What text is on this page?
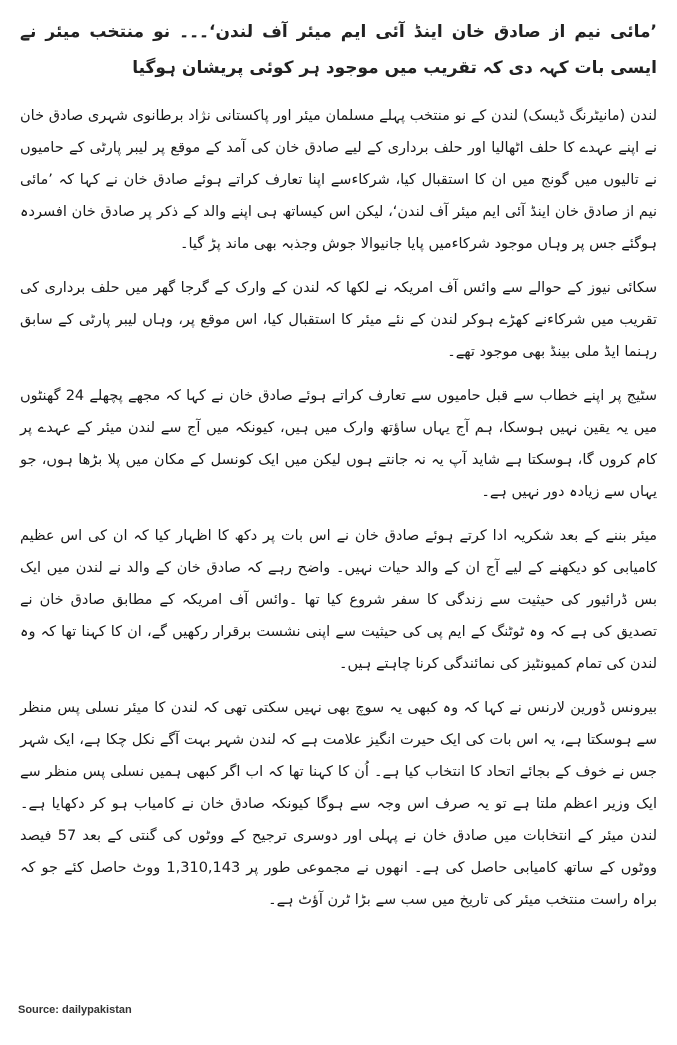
’مائی نیم از صادق خان اینڈ آئی ایم میئر آف لندن‘۔۔۔ نو منتخب میئر نے ایسی بات کہہ دی کہ تقریب میں موجود ہر کوئی پریشان ہوگیا

لندن (مانیٹرنگ ڈیسک) لندن کے نو منتخب پہلے مسلمان میئر اور پاکستانی نژاد برطانوی شہری صادق خان نے اپنے عہدے کا حلف اٹھالیا اور حلف برداری کے لیے صادق خان کی آمد کے موقع پر لیبر پارٹی کے حامیوں نے تالیوں میں گونج میں ان کا استقبال کیا، شرکاءسے اپنا تعارف کراتے ہوئے صادق خان نے کہا کہ ’مائی نیم از صادق خان اینڈ آئی ایم میئر آف لندن‘، لیکن اس کیساتھ ہی اپنے والد کے ذکر پر صادق خان افسردہ ہوگئے جس پر وہاں موجود شرکاءمیں پایا جانیوالا جوش وجذبہ بھی ماند پڑ گیا۔

سکائی نیوز کے حوالے سے وائس آف امریکہ نے لکھا کہ لندن کے وارک کے گرجا گھر میں حلف برداری کی تقریب میں شرکاءنے کھڑے ہوکر لندن کے نئے میئر کا استقبال کیا، اس موقع پر، وہاں لیبر پارٹی کے سابق رہنما ایڈ ملی بینڈ بھی موجود تھے۔

سٹیج پر اپنے خطاب سے قبل حامیوں سے تعارف کراتے ہوئے صادق خان نے کہا کہ مجھے پچھلے 24 گھنٹوں میں یہ یقین نہیں ہوسکا، ہم آج یہاں ساؤتھ وارک میں ہیں، کیونکہ میں آج سے لندن میئر کے عہدے پر کام کروں گا، ہوسکتا ہے شاید آپ یہ نہ جانتے ہوں لیکن میں ایک کونسل کے مکان میں پلا بڑھا ہوں، جو یہاں سے زیادہ دور نہیں ہے۔

میئر بننے کے بعد شکریہ ادا کرتے ہوئے صادق خان نے اس بات پر دکھ کا اظہار کیا کہ ان کی اس عظیم کامیابی کو دیکھنے کے لیے آج ان کے والد حیات نہیں۔ واضح رہے کہ صادق خان کے والد نے لندن میں ایک بس ڈرائیور کی حیثیت سے زندگی کا سفر شروع کیا تھا ۔وائس آف امریکہ کے مطابق صادق خان نے تصدیق کی ہے کہ وہ ٹوٹنگ کے ایم پی کی حیثیت سے اپنی نشست برقرار رکھیں گے، ان کا کہنا تھا کہ وہ لندن کی تمام کمیونٹیز کی نمائندگی کرنا چاہتے ہیں۔

بیرونس ڈورین لارنس نے کہا کہ وہ کبھی یہ سوچ بھی نہیں سکتی تھی کہ لندن کا میئر نسلی پس منظر سے ہوسکتا ہے، یہ اس بات کی ایک حیرت انگیز علامت ہے کہ لندن شہر بہت آگے نکل چکا ہے، ایک شہر جس نے خوف کے بجائے اتحاد کا انتخاب کیا ہے۔ اُن کا کہنا تھا کہ اب اگر کبھی ہمیں نسلی پس منظر سے ایک وزیر اعظم ملتا ہے تو یہ صرف اس وجہ سے ہوگا کیونکہ صادق خان نے کامیاب ہو کر دکھایا ہے۔ لندن میئر کے انتخابات میں صادق خان نے پہلی اور دوسری ترجیح کے ووٹوں کی گنتی کے بعد 57 فیصد ووٹوں کے ساتھ کامیابی حاصل کی ہے۔ انھوں نے مجموعی طور پر 1,310,143 ووٹ حاصل کئے جو کہ براہ راست منتخب میئر کی تاریخ میں سب سے بڑا ٹرن آؤٹ ہے۔

Source: dailypakistan
